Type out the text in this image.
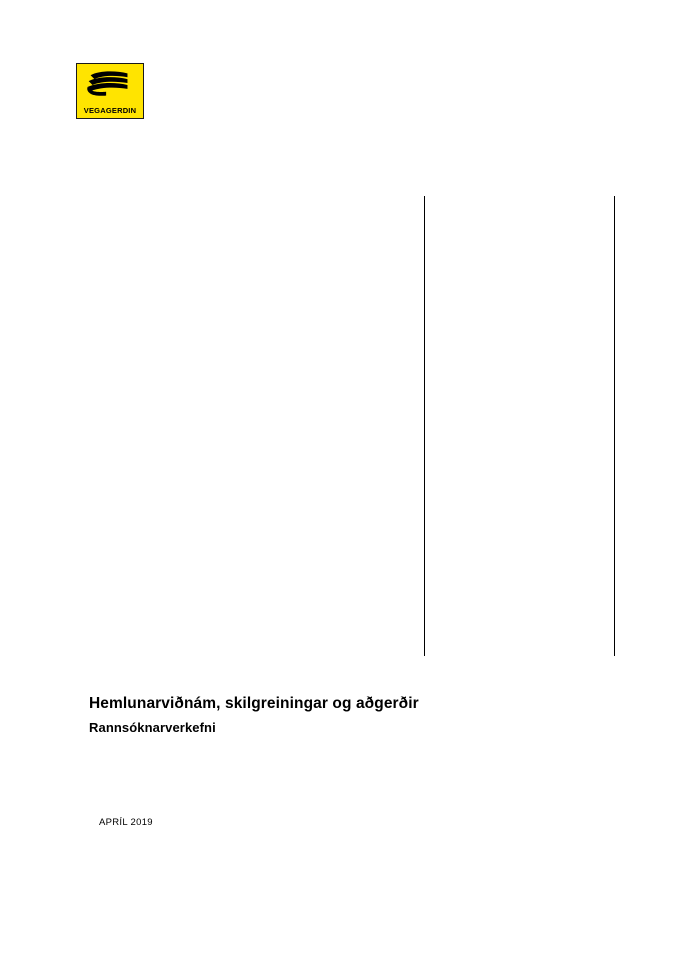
VEGAGERDIN
Hemlunarviðnám, skilgreiningar og aðgerðir
Rannsóknarverkefni
APRÍL 2019
